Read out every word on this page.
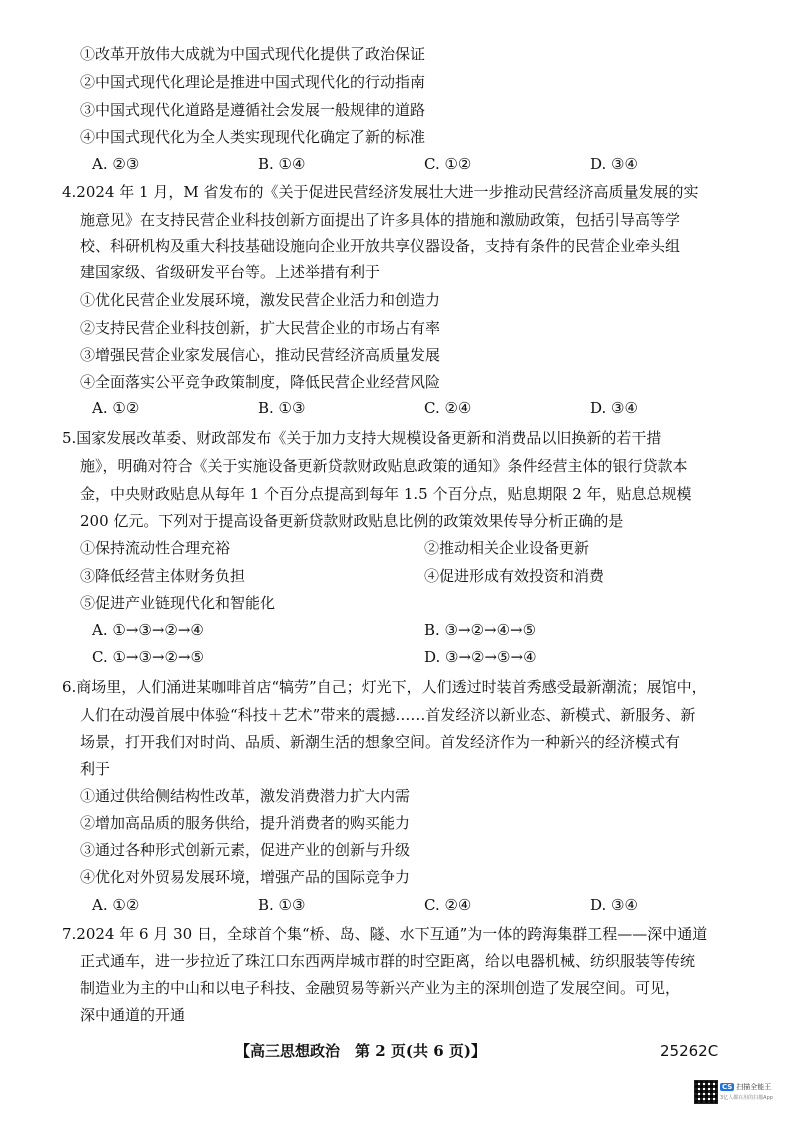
①改革开放伟大成就为中国式现代化提供了政治保证
②中国式现代化理论是推进中国式现代化的行动指南
③中国式现代化道路是遵循社会发展一般规律的道路
④中国式现代化为全人类实现现代化确定了新的标准
A. ②③	B. ①④	C. ①②	D. ③④
4.2024 年 1 月，M 省发布的《关于促进民营经济发展壮大进一步推动民营经济高质量发展的实
施意见》在支持民营企业科技创新方面提出了许多具体的措施和激励政策，包括引导高等学
校、科研机构及重大科技基础设施向企业开放共享仪器设备，支持有条件的民营企业牵头组
建国家级、省级研发平台等。上述举措有利于
①优化民营企业发展环境，激发民营企业活力和创造力
②支持民营企业科技创新，扩大民营企业的市场占有率
③增强民营企业家发展信心，推动民营经济高质量发展
④全面落实公平竞争政策制度，降低民营企业经营风险
A. ①②	B. ①③	C. ②④	D. ③④
5.国家发展改革委、财政部发布《关于加力支持大规模设备更新和消费品以旧换新的若干措
施》，明确对符合《关于实施设备更新贷款财政贴息政策的通知》条件经营主体的银行贷款本
金，中央财政贴息从每年 1 个百分点提高到每年 1.5 个百分点，贴息期限 2 年，贴息总规模
200 亿元。下列对于提高设备更新贷款财政贴息比例的政策效果传导分析正确的是
①保持流动性合理充裕	②推动相关企业设备更新
③降低经营主体财务负担	④促进形成有效投资和消费
⑤促进产业链现代化和智能化
A. ①→③→②→④	B. ③→②→④→⑤
C. ①→③→②→⑤	D. ③→②→⑤→④
6.商场里，人们涌进某咖啡首店“犒劳”自己；灯光下，人们透过时装首秀感受最新潮流；展馆中，
人们在动漫首展中体验“科技＋艺术”带来的震撼……首发经济以新业态、新模式、新服务、新
场景，打开我们对时尚、品质、新潮生活的想象空间。首发经济作为一种新兴的经济模式有
利于
①通过供给侧结构性改革，激发消费潜力扩大内需
②增加高品质的服务供给，提升消费者的购买能力
③通过各种形式创新元素，促进产业的创新与升级
④优化对外贸易发展环境，增强产品的国际竞争力
A. ①②	B. ①③	C. ②④	D. ③④
7.2024 年 6 月 30 日，全球首个集“桥、岛、隧、水下互通”为一体的跨海集群工程——深中通道
正式通车，进一步拉近了珠江口东西两岸城市群的时空距离，给以电器机械、纺织服装等传统
制造业为主的中山和以电子科技、金融贸易等新兴产业为主的深圳创造了发展空间。可见，
深中通道的开通
【高三思想政治　第 2 页(共 6 页)】	25262C
CS 扫描全能王
3亿人都在用的扫描App
